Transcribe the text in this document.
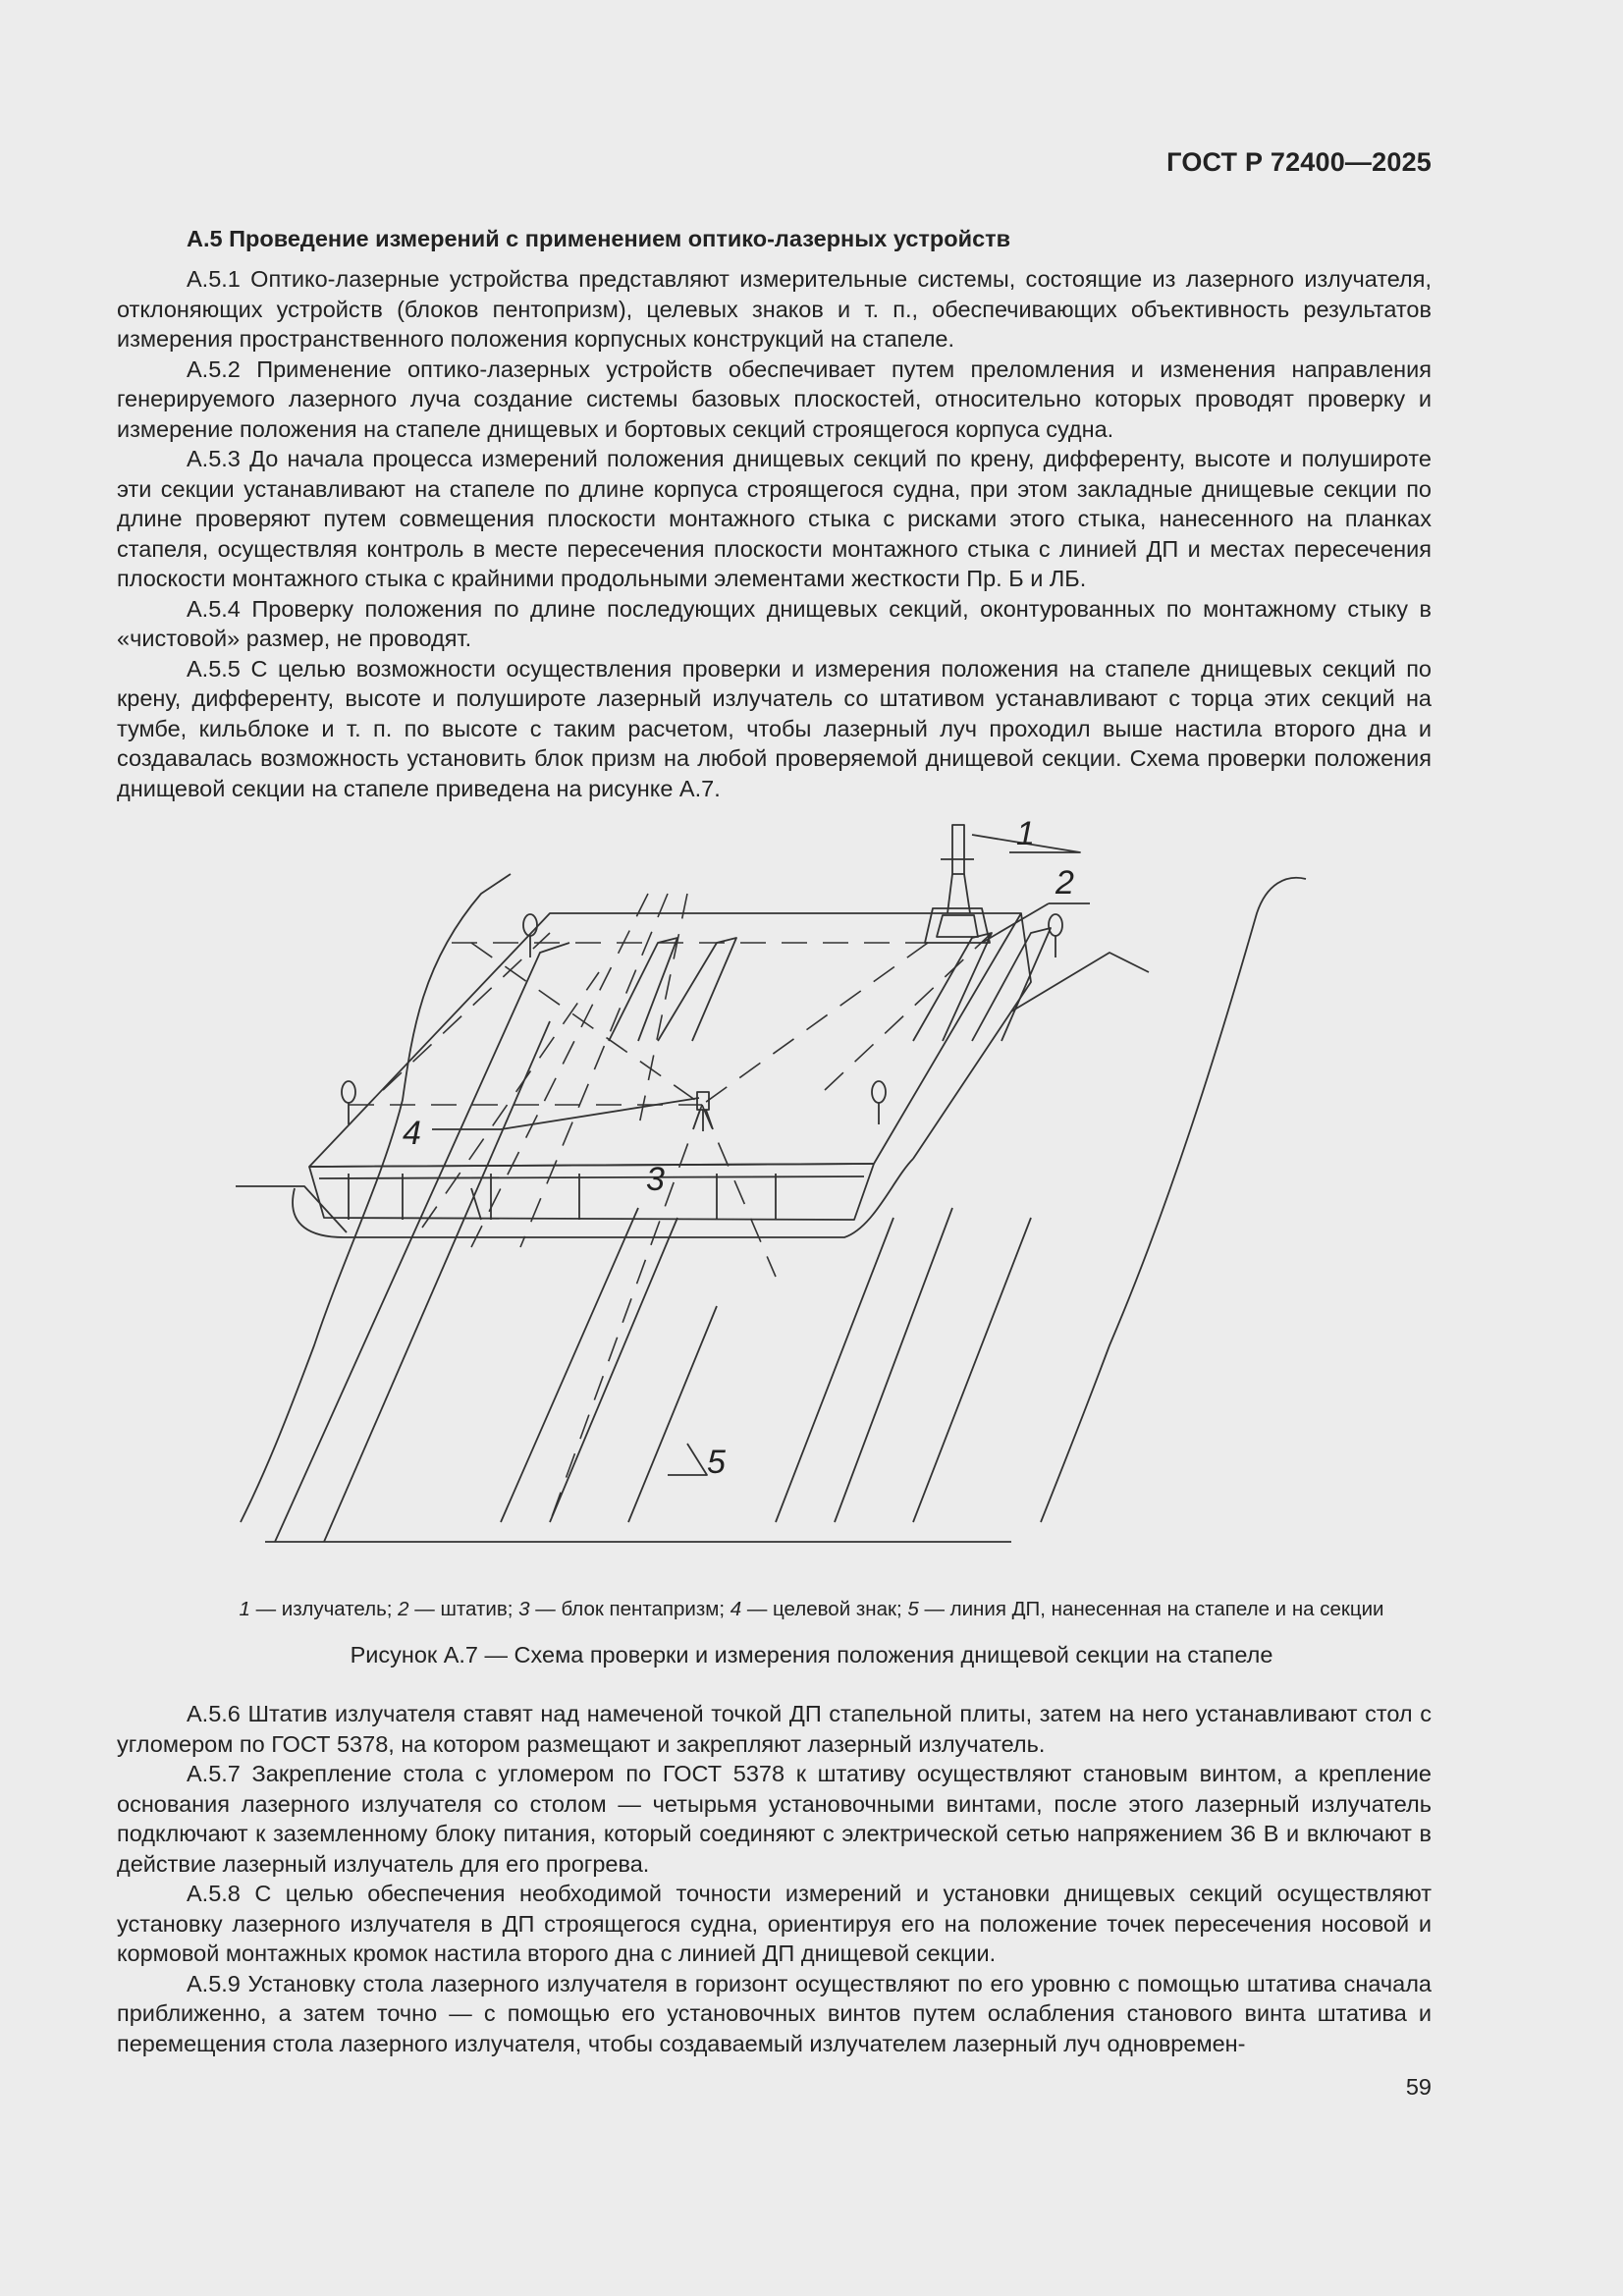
ГОСТ Р 72400—2025
А.5 Проведение измерений с применением оптико-лазерных устройств

А.5.1 Оптико-лазерные устройства представляют измерительные системы, состоящие из лазерного излучателя, отклоняющих устройств (блоков пентопризм), целевых знаков и т. п., обеспечивающих объективность результатов измерения пространственного положения корпусных конструкций на стапеле.

А.5.2 Применение оптико-лазерных устройств обеспечивает путем преломления и изменения направления генерируемого лазерного луча создание системы базовых плоскостей, относительно которых проводят проверку и измерение положения на стапеле днищевых и бортовых секций строящегося корпуса судна.

А.5.3 До начала процесса измерений положения днищевых секций по крену, дифференту, высоте и полуширoте эти секции устанавливают на стапеле по длине корпуса строящегося судна, при этом закладные днищевые секции по длине проверяют путем совмещения плоскости монтажного стыка с рисками этого стыка, нанесенного на планках стапеля, осуществляя контроль в месте пересечения плоскости монтажного стыка с линией ДП и местах пересечения плоскости монтажного стыка с крайними продольными элементами жесткости Пр. Б и ЛБ.

А.5.4 Проверку положения по длине последующих днищевых секций, оконтурованных по монтажному стыку в «чистовой» размер, не проводят.

А.5.5 С целью возможности осуществления проверки и измерения положения на стапеле днищевых секций по крену, дифференту, высоте и полуширoте лазерный излучатель со штативом устанавливают с торца этих секций на тумбе, кильблоке и т. п. по высоте с таким расчетом, чтобы лазерный луч проходил выше настила второго дна и создавалась возможность установить блок призм на любой проверяемой днищевой секции. Схема проверки положения днищевой секции на стапеле приведена на рисунке А.7.

1
2
3
4
5
1 — излучатель; 2 — штатив; 3 — блок пентапризм; 4 — целевой знак; 5 — линия ДП, нанесенная на стапеле и на секции
Рисунок А.7 — Схема проверки и измерения положения днищевой секции на стапеле

А.5.6 Штатив излучателя ставят над намеченой точкой ДП стапельной плиты, затем на него устанавливают стол с угломером по ГОСТ 5378, на котором размещают и закрепляют лазерный излучатель.

А.5.7 Закрепление стола с угломером по ГОСТ 5378 к штативу осуществляют становым винтом, а крепление основания лазерного излучателя со столом — четырьмя установочными винтами, после этого лазерный излучатель подключают к заземленному блоку питания, который соединяют с электрической сетью напряжением 36 В и включают в действие лазерный излучатель для его прогрева.

А.5.8 С целью обеспечения необходимой точности измерений и установки днищевых секций осуществляют установку лазерного излучателя в ДП строящегося судна, ориентируя его на положение точек пересечения носовой и кормовой монтажных кромок настила второго дна с линией ДП днищевой секции.

А.5.9 Установку стола лазерного излучателя в горизонт осуществляют по его уровню с помощью штатива сначала приближенно, а затем точно — с помощью его установочных винтов путем ослабления станового винта штатива и перемещения стола лазерного излучателя, чтобы создаваемый излучателем лазерный луч одновремен-

59
